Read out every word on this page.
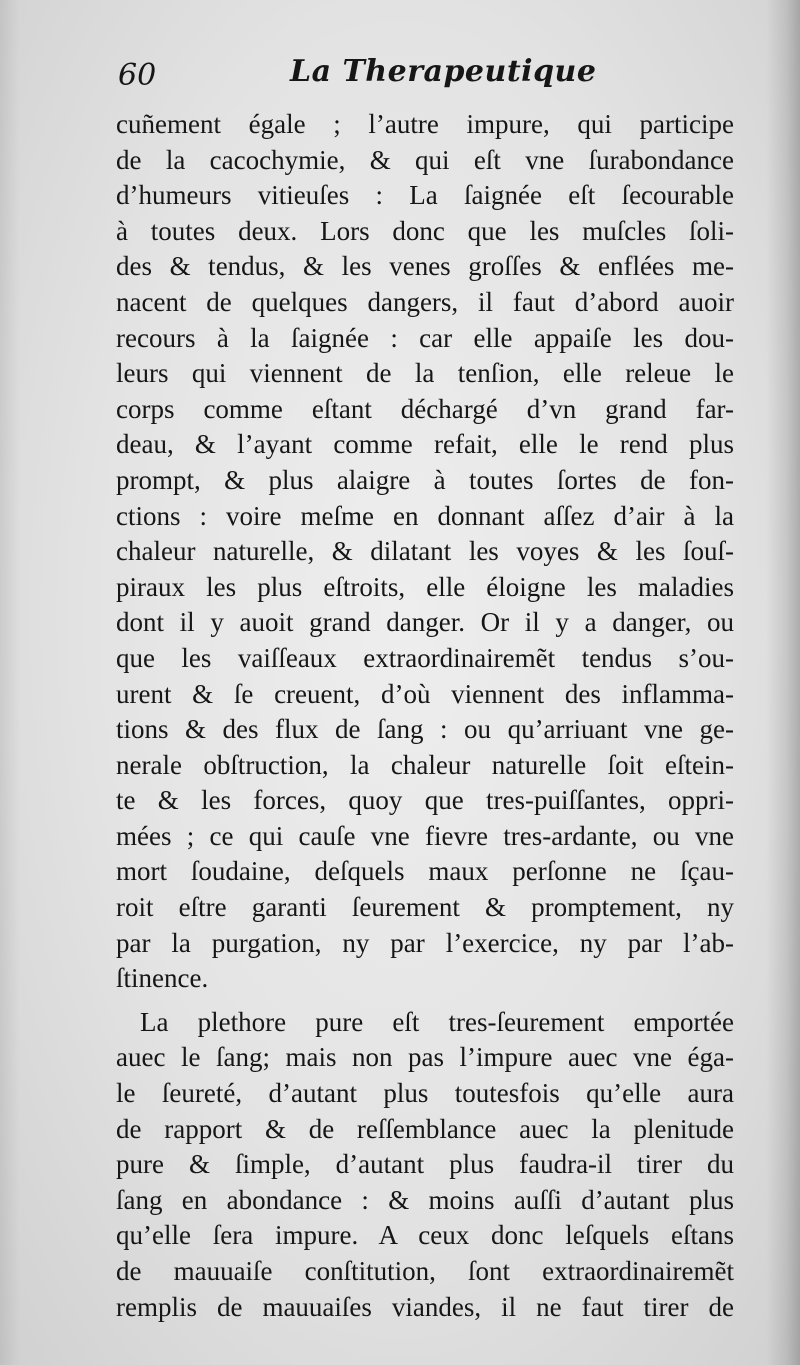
60	La Therapeutique
cuñement égale ; l’autre impure, qui participe
de la cacochymie, & qui eſt vne ſurabondance
d’humeurs vitieuſes : La ſaignée eſt ſecourable
à toutes deux. Lors donc que les muſcles ſoli-
des & tendus, & les venes groſſes & enflées me-
nacent de quelques dangers, il faut d’abord auoir
recours à la ſaignée : car elle appaiſe les dou-
leurs qui viennent de la tenſion, elle releue le
corps comme eſtant déchargé d’vn grand far-
deau, & l’ayant comme refait, elle le rend plus
prompt, & plus alaigre à toutes ſortes de fon-
ctions : voire meſme en donnant aſſez d’air à la
chaleur naturelle, & dilatant les voyes & les ſouſ-
piraux les plus eſtroits, elle éloigne les maladies
dont il y auoit grand danger. Or il y a danger, ou
que les vaiſſeaux extraordinairemẽt tendus s’ou-
urent & ſe creuent, d’où viennent des inflamma-
tions & des flux de ſang : ou qu’arriuant vne ge-
nerale obſtruction, la chaleur naturelle ſoit eſtein-
te & les forces, quoy que tres-puiſſantes, oppri-
mées ; ce qui cauſe vne fievre tres-ardante, ou vne
mort ſoudaine, deſquels maux perſonne ne ſçau-
roit eſtre garanti ſeurement & promptement, ny
par la purgation, ny par l’exercice, ny par l’ab-
ſtinence.
La plethore pure eſt tres-ſeurement emportée
auec le ſang; mais non pas l’impure auec vne éga-
le ſeureté, d’autant plus toutesfois qu’elle aura
de rapport & de reſſemblance auec la plenitude
pure & ſimple, d’autant plus faudra-il tirer du
ſang en abondance : & moins auſſi d’autant plus
qu’elle ſera impure. A ceux donc leſquels eſtans
de mauuaiſe conſtitution, ſont extraordinairemẽt
remplis de mauuaiſes viandes, il ne faut tirer de
